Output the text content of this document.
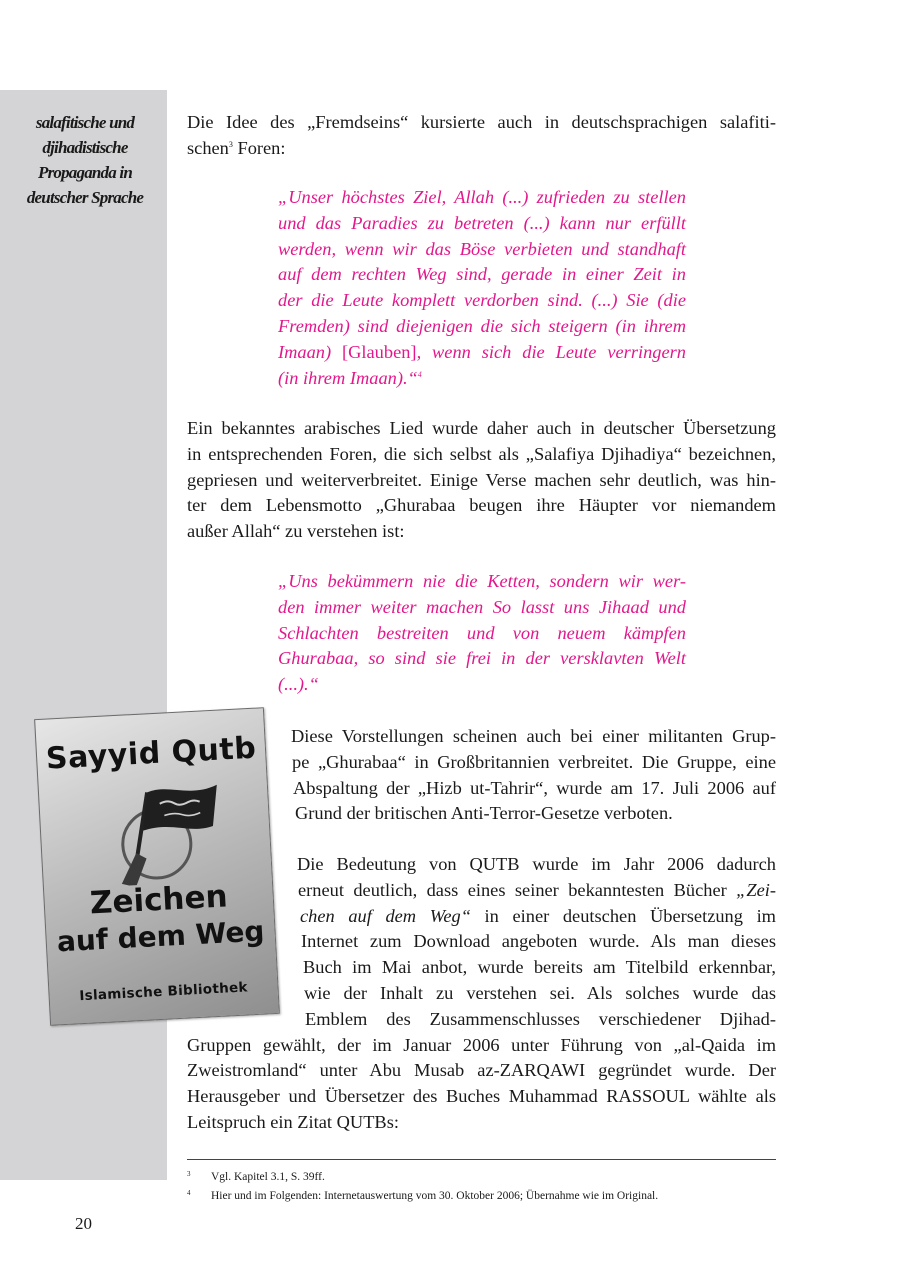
salafitische und
djihadistische
Propaganda in
deutscher Sprache
Die Idee des „Fremdseins“ kursierte auch in deutschsprachigen salafiti-
schen$^3$ Foren:
„Unser höchstes Ziel, Allah (...) zufrieden zu stellen
und das Paradies zu betreten (...) kann nur erfüllt
werden, wenn wir das Böse verbieten und standhaft
auf dem rechten Weg sind, gerade in einer Zeit in
der die Leute komplett verdorben sind. (...) Sie (die
Fremden) sind diejenigen die sich steigern (in ihrem
Imaan) [Glauben], wenn sich die Leute verringern
(in ihrem Imaan).“$^4$
Ein bekanntes arabisches Lied wurde daher auch in deutscher Übersetzung
in entsprechenden Foren, die sich selbst als „Salafiya Djihadiya“ bezeichnen,
gepriesen und weiterverbreitet. Einige Verse machen sehr deutlich, was hin-
ter dem Lebensmotto „Ghurabaa beugen ihre Häupter vor niemandem
außer Allah“ zu verstehen ist:
„Uns bekümmern nie die Ketten, sondern wir wer-
den immer weiter machen So lasst uns Jihaad und
Schlachten bestreiten und von neuem kämpfen
Ghurabaa, so sind sie frei in der versklavten Welt
(...).“
Sayyid Qutb
Zeichen
auf dem Weg
Islamische Bibliothek
Diese Vorstellungen scheinen auch bei einer militanten Grup-
pe „Ghurabaa“ in Großbritannien verbreitet. Die Gruppe, eine
Abspaltung der „Hizb ut-Tahrir“, wurde am 17. Juli 2006 auf
Grund der britischen Anti-Terror-Gesetze verboten.
Die Bedeutung von QUTB wurde im Jahr 2006 dadurch
erneut deutlich, dass eines seiner bekanntesten Bücher „Zei-
chen auf dem Weg“ in einer deutschen Übersetzung im
Internet zum Download angeboten wurde. Als man dieses
Buch im Mai anbot, wurde bereits am Titelbild erkennbar,
wie der Inhalt zu verstehen sei. Als solches wurde das
Emblem des Zusammenschlusses verschiedener Djihad-
Gruppen gewählt, der im Januar 2006 unter Führung von „al-Qaida im
Zweistromland“ unter Abu Musab az-ZARQAWI gegründet wurde. Der
Herausgeber und Übersetzer des Buches Muhammad RASSOUL wählte als
Leitspruch ein Zitat QUTBs:
3 Vgl. Kapitel 3.1, S. 39ff.
4 Hier und im Folgenden: Internetauswertung vom 30. Oktober 2006; Übernahme wie im Original.
20
